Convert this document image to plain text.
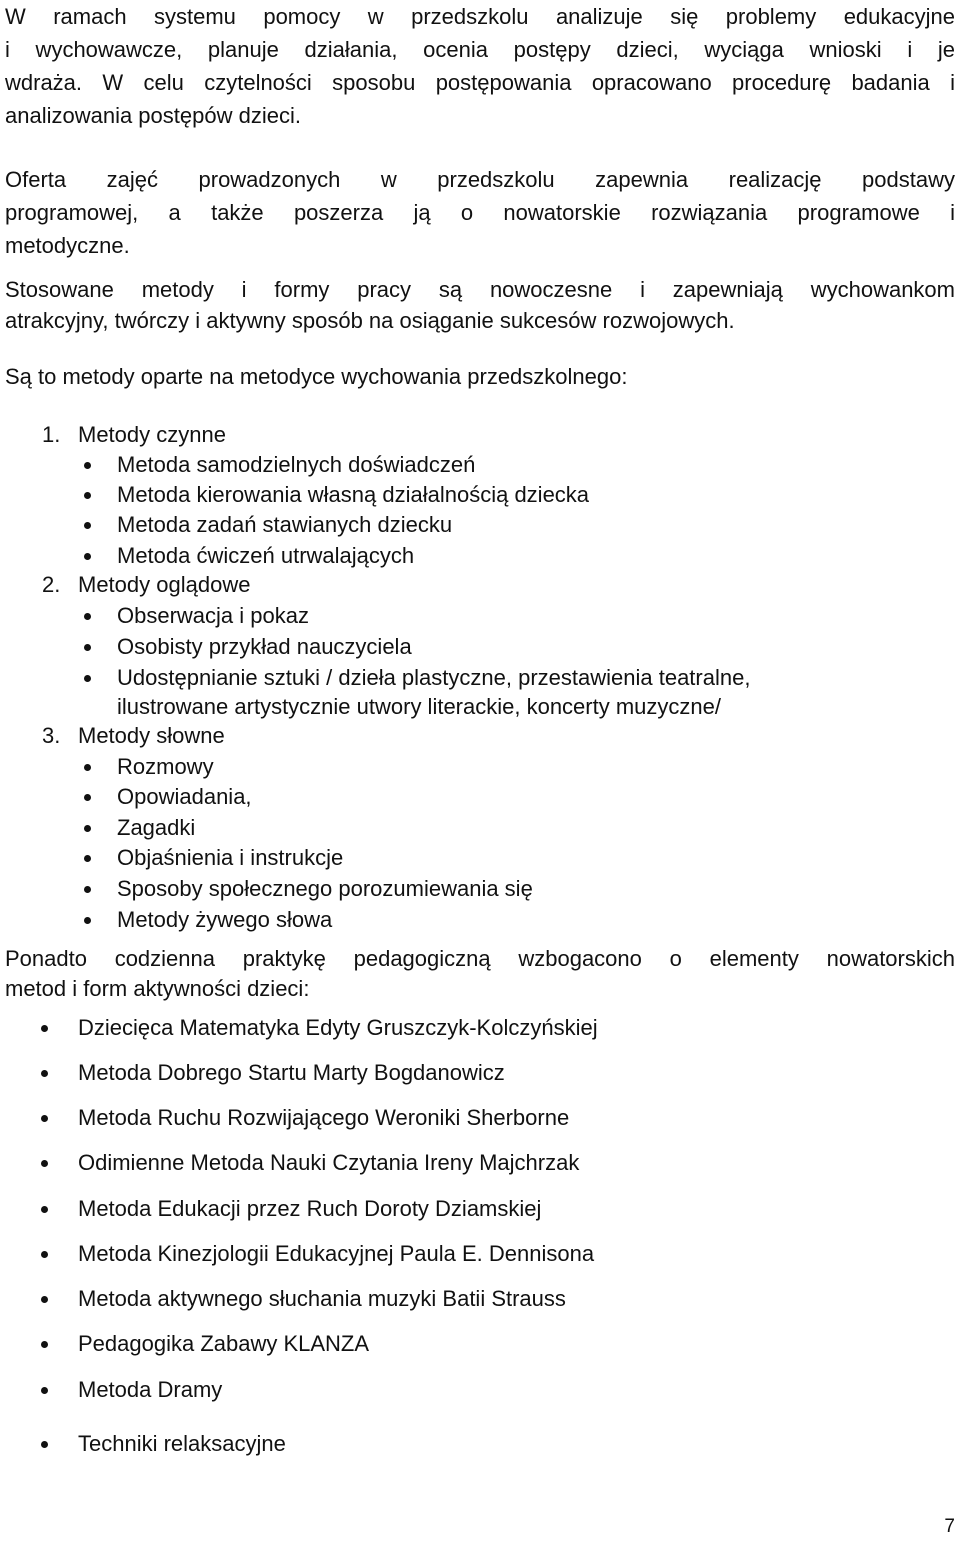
W ramach systemu pomocy w przedszkolu analizuje się problemy edukacyjne
i wychowawcze, planuje działania, ocenia postępy dzieci, wyciąga wnioski i je
wdraża. W celu czytelności sposobu postępowania opracowano procedurę badania i
analizowania postępów dzieci.
Oferta zajęć prowadzonych w przedszkolu zapewnia realizację podstawy
programowej, a także poszerza ją o nowatorskie rozwiązania programowe i
metodyczne.
Stosowane metody i formy pracy są nowoczesne i zapewniają wychowankom
atrakcyjny, twórczy i aktywny sposób na osiąganie sukcesów rozwojowych.

Są to metody oparte na metodyce wychowania przedszkolnego:

1. Metody czynne

Metoda samodzielnych doświadczeń

Metoda kierowania własną działalnością dziecka

Metoda zadań stawianych dziecku

Metoda ćwiczeń utrwalających

2. Metody oglądowe

Obserwacja i pokaz

Osobisty przykład nauczyciela

Udostępnianie sztuki / dzieła plastyczne, przestawienia teatralne,

ilustrowane artystycznie utwory literackie, koncerty muzyczne/

3. Metody słowne

Rozmowy

Opowiadania,

Zagadki

Objaśnienia i instrukcje

Sposoby społecznego porozumiewania się

Metody żywego słowa

Ponadto codzienna praktykę pedagogiczną wzbogacono o elementy nowatorskich
metod i form aktywności dzieci:

Dziecięca Matematyka Edyty Gruszczyk-Kolczyńskiej

Metoda Dobrego Startu Marty Bogdanowicz

Metoda Ruchu Rozwijającego Weroniki Sherborne

Odimienne Metoda Nauki Czytania Ireny Majchrzak

Metoda Edukacji przez Ruch Doroty Dziamskiej

Metoda Kinezjologii Edukacyjnej Paula E. Dennisona

Metoda aktywnego słuchania muzyki Batii Strauss

Pedagogika Zabawy KLANZA

Metoda Dramy

Techniki relaksacyjne

7
